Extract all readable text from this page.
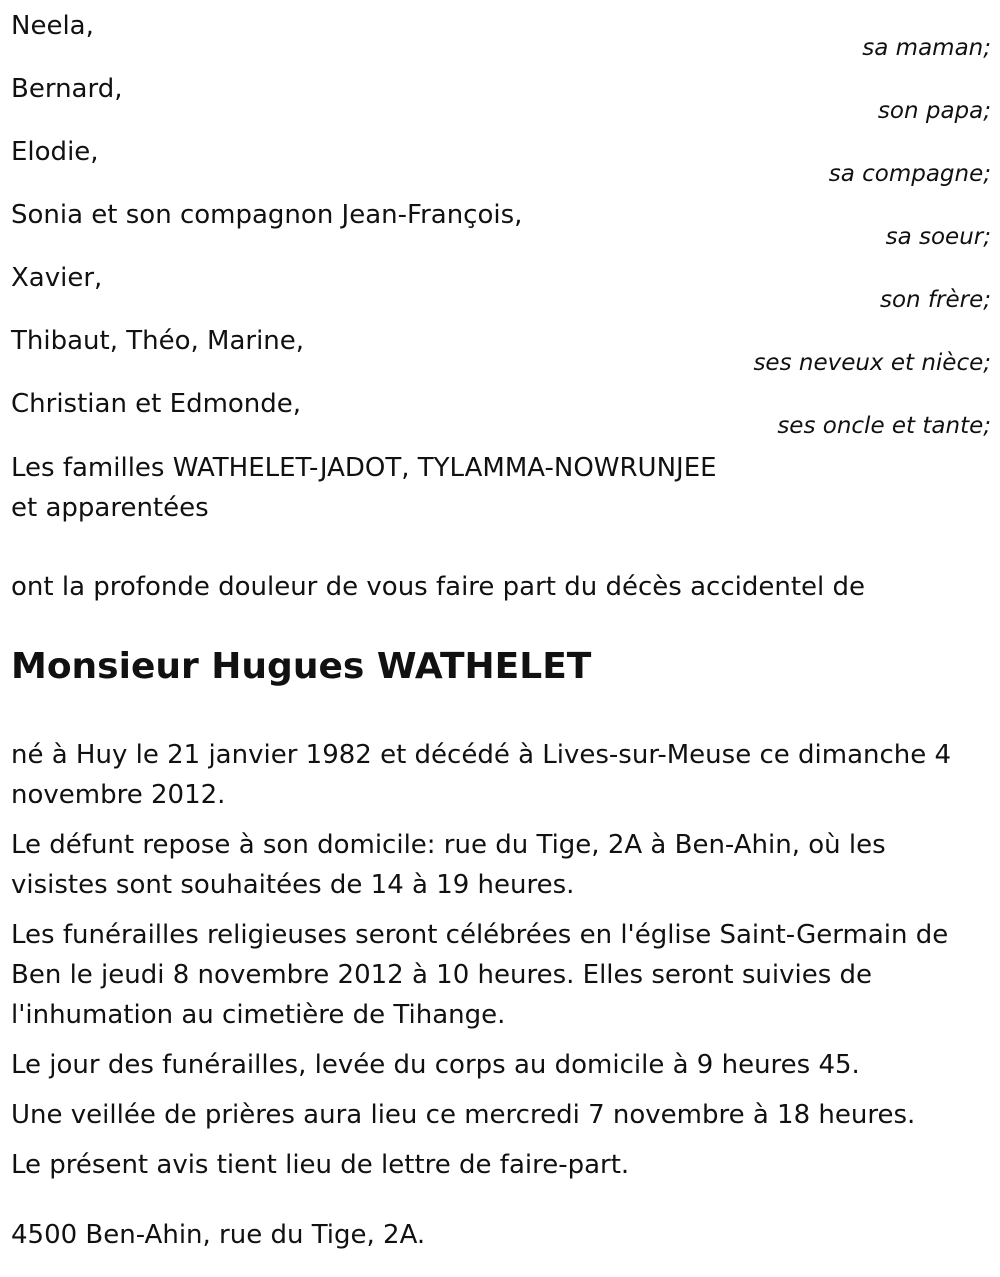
Neela,
sa maman;
Bernard,
son papa;
Elodie,
sa compagne;
Sonia et son compagnon Jean-François,
sa soeur;
Xavier,
son frère;
Thibaut, Théo, Marine,
ses neveux et nièce;
Christian et Edmonde,
ses oncle et tante;
Les familles WATHELET-JADOT, TYLAMMA-NOWRUNJEE
et apparentées
ont la profonde douleur de vous faire part du décès accidentel de
Monsieur Hugues WATHELET

né à Huy le 21 janvier 1982 et décédé à Lives-sur-Meuse ce dimanche 4 novembre 2012.

Le défunt repose à son domicile: rue du Tige, 2A à Ben-Ahin, où les visistes sont souhaitées de 14 à 19 heures.

Les funérailles religieuses seront célébrées en l'église Saint-Germain de Ben le jeudi 8 novembre 2012 à 10 heures. Elles seront suivies de l'inhumation au cimetière de Tihange.

Le jour des funérailles, levée du corps au domicile à 9 heures 45.

Une veillée de prières aura lieu ce mercredi 7 novembre à 18 heures.

Le présent avis tient lieu de lettre de faire-part.

4500 Ben-Ahin, rue du Tige, 2A.
